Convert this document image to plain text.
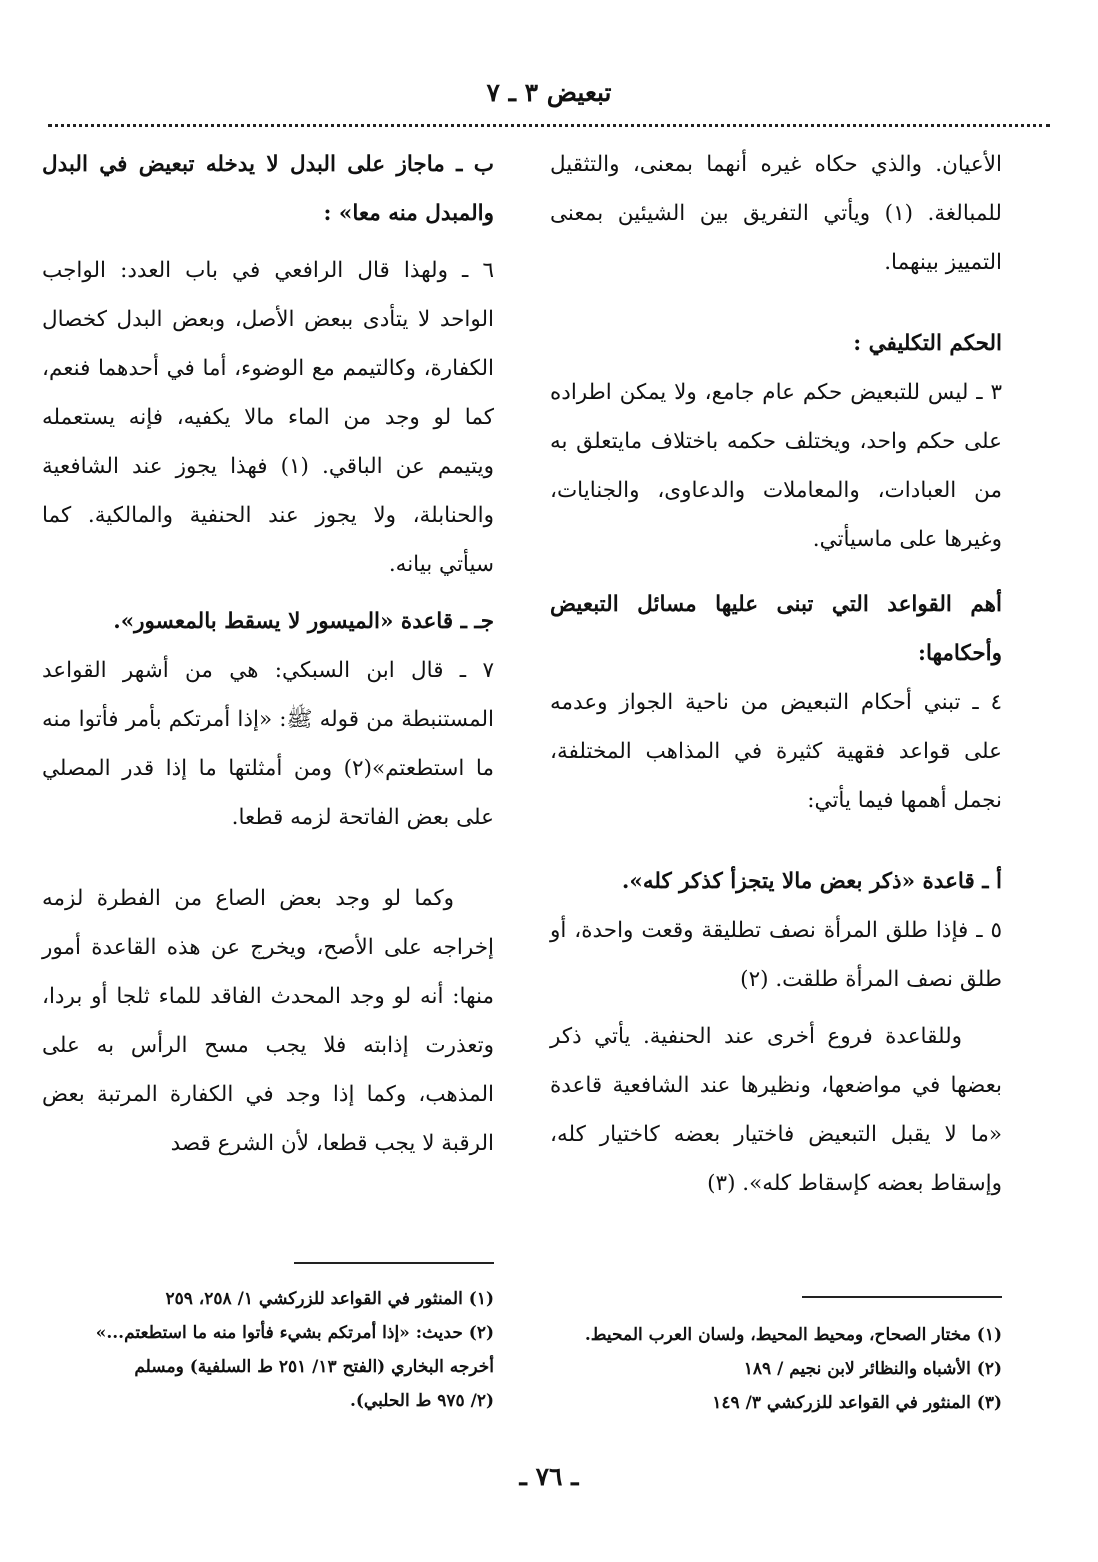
تبعيض ٣ ـ ٧

الأعيان. والذي حكاه غيره أنهما بمعنى، والتثقيل للمبالغة. (١) ويأتي التفريق بين الشيئين بمعنى التمييز بينهما.

الحكم التكليفي :

٣ ـ ليس للتبعيض حكم عام جامع، ولا يمكن اطراده على حكم واحد، ويختلف حكمه باختلاف مايتعلق به من العبادات، والمعاملات والدعاوى، والجنايات، وغيرها على ماسيأتي.

أهم القواعد التي تبنى عليها مسائل التبعيض وأحكامها:

٤ ـ تبني أحكام التبعيض من ناحية الجواز وعدمه على قواعد فقهية كثيرة في المذاهب المختلفة، نجمل أهمها فيما يأتي:

أ ـ قاعدة «ذكر بعض مالا يتجزأ كذكر كله».

٥ ـ فإذا طلق المرأة نصف تطليقة وقعت واحدة، أو طلق نصف المرأة طلقت. (٢)

وللقاعدة فروع أخرى عند الحنفية. يأتي ذكر بعضها في مواضعها، ونظيرها عند الشافعية قاعدة «ما لا يقبل التبعيض فاختيار بعضه كاختيار كله، وإسقاط بعضه كإسقاط كله». (٣)

ب ـ ماجاز على البدل لا يدخله تبعيض في البدل والمبدل منه معا» :

٦ ـ ولهذا قال الرافعي في باب العدد: الواجب الواحد لا يتأدى ببعض الأصل، وبعض البدل كخصال الكفارة، وكالتيمم مع الوضوء، أما في أحدهما فنعم، كما لو وجد من الماء مالا يكفيه، فإنه يستعمله ويتيمم عن الباقي. (١) فهذا يجوز عند الشافعية والحنابلة، ولا يجوز عند الحنفية والمالكية. كما سيأتي بيانه.

جـ ـ قاعدة «الميسور لا يسقط بالمعسور».

٧ ـ قال ابن السبكي: هي من أشهر القواعد المستنبطة من قوله ﷺ: «إذا أمرتكم بأمر فأتوا منه ما استطعتم»(٢) ومن أمثلتها ما إذا قدر المصلي على بعض الفاتحة لزمه قطعا.

وكما لو وجد بعض الصاع من الفطرة لزمه إخراجه على الأصح، ويخرج عن هذه القاعدة أمور منها: أنه لو وجد المحدث الفاقد للماء ثلجا أو بردا، وتعذرت إذابته فلا يجب مسح الرأس به على المذهب، وكما إذا وجد في الكفارة المرتبة بعض الرقبة لا يجب قطعا، لأن الشرع قصد

(١) مختار الصحاح، ومحيط المحيط، ولسان العرب المحيط.
(٢) الأشباه والنظائر لابن نجيم / ١٨٩
(٣) المنثور في القواعد للزركشي ٣/ ١٤٩
(١) المنثور في القواعد للزركشي ١/ ٢٥٨، ٢٥٩
(٢) حديث: «إذا أمرتكم بشيء فأتوا منه ما استطعتم...»
أخرجه البخاري (الفتح ١٣/ ٢٥١ ط السلفية) ومسلم
(٢/ ٩٧٥ ط الحلبي).
ـ ٧٦ ـ
